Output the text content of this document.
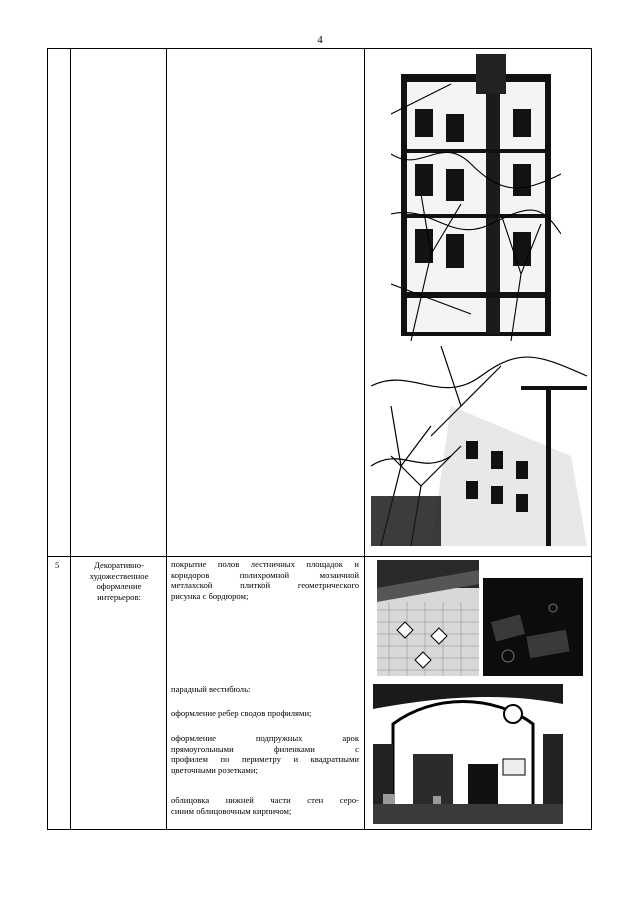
4
5	Декоративно-художественное оформление интерьеров:
покрытие полов лестничных площадок и
коридоров полихромной мозаичной
метлахской плиткой геометрического
рисунка с бордюром;
парадный вестибюль:
оформление ребер сводов профилями;
оформление подпружных арок
прямоугольными филенками с
профилем по периметру и квадратными
цветочными розетками;
облицовка нижней части стен серо-
синим облицовочным кирпичом;
